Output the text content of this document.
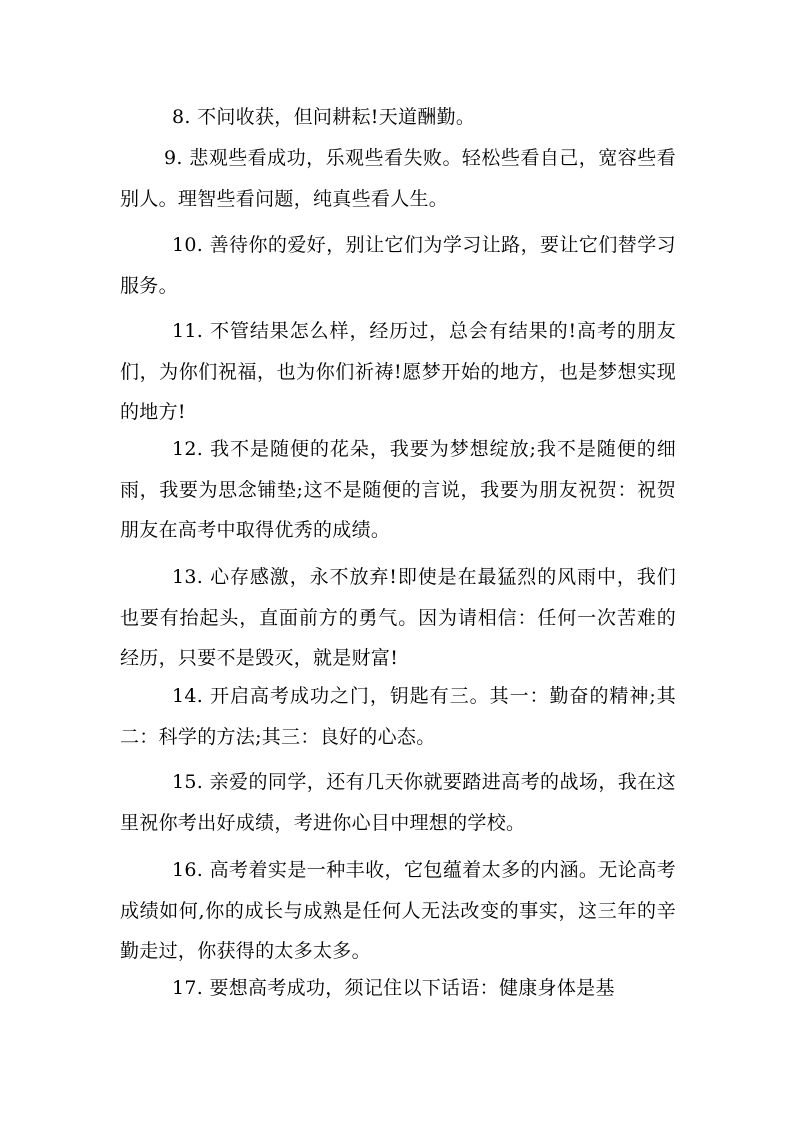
8. 不问收获，但问耕耘!天道酬勤。

9. 悲观些看成功，乐观些看失败。轻松些看自己，宽容些看别人。理智些看问题，纯真些看人生。

10. 善待你的爱好，别让它们为学习让路，要让它们替学习服务。

11. 不管结果怎么样，经历过，总会有结果的!高考的朋友们，为你们祝福，也为你们祈祷!愿梦开始的地方，也是梦想实现的地方!

12. 我不是随便的花朵，我要为梦想绽放;我不是随便的细雨，我要为思念铺垫;这不是随便的言说，我要为朋友祝贺：祝贺朋友在高考中取得优秀的成绩。

13. 心存感激，永不放弃!即使是在最猛烈的风雨中，我们也要有抬起头，直面前方的勇气。因为请相信：任何一次苦难的经历，只要不是毁灭，就是财富!

14. 开启高考成功之门，钥匙有三。其一：勤奋的精神;其二：科学的方法;其三：良好的心态。

15. 亲爱的同学，还有几天你就要踏进高考的战场，我在这里祝你考出好成绩，考进你心目中理想的学校。

16. 高考着实是一种丰收，它包蕴着太多的内涵。无论高考成绩如何,你的成长与成熟是任何人无法改变的事实，这三年的辛勤走过，你获得的太多太多。

17. 要想高考成功，须记住以下话语：健康身体是基
